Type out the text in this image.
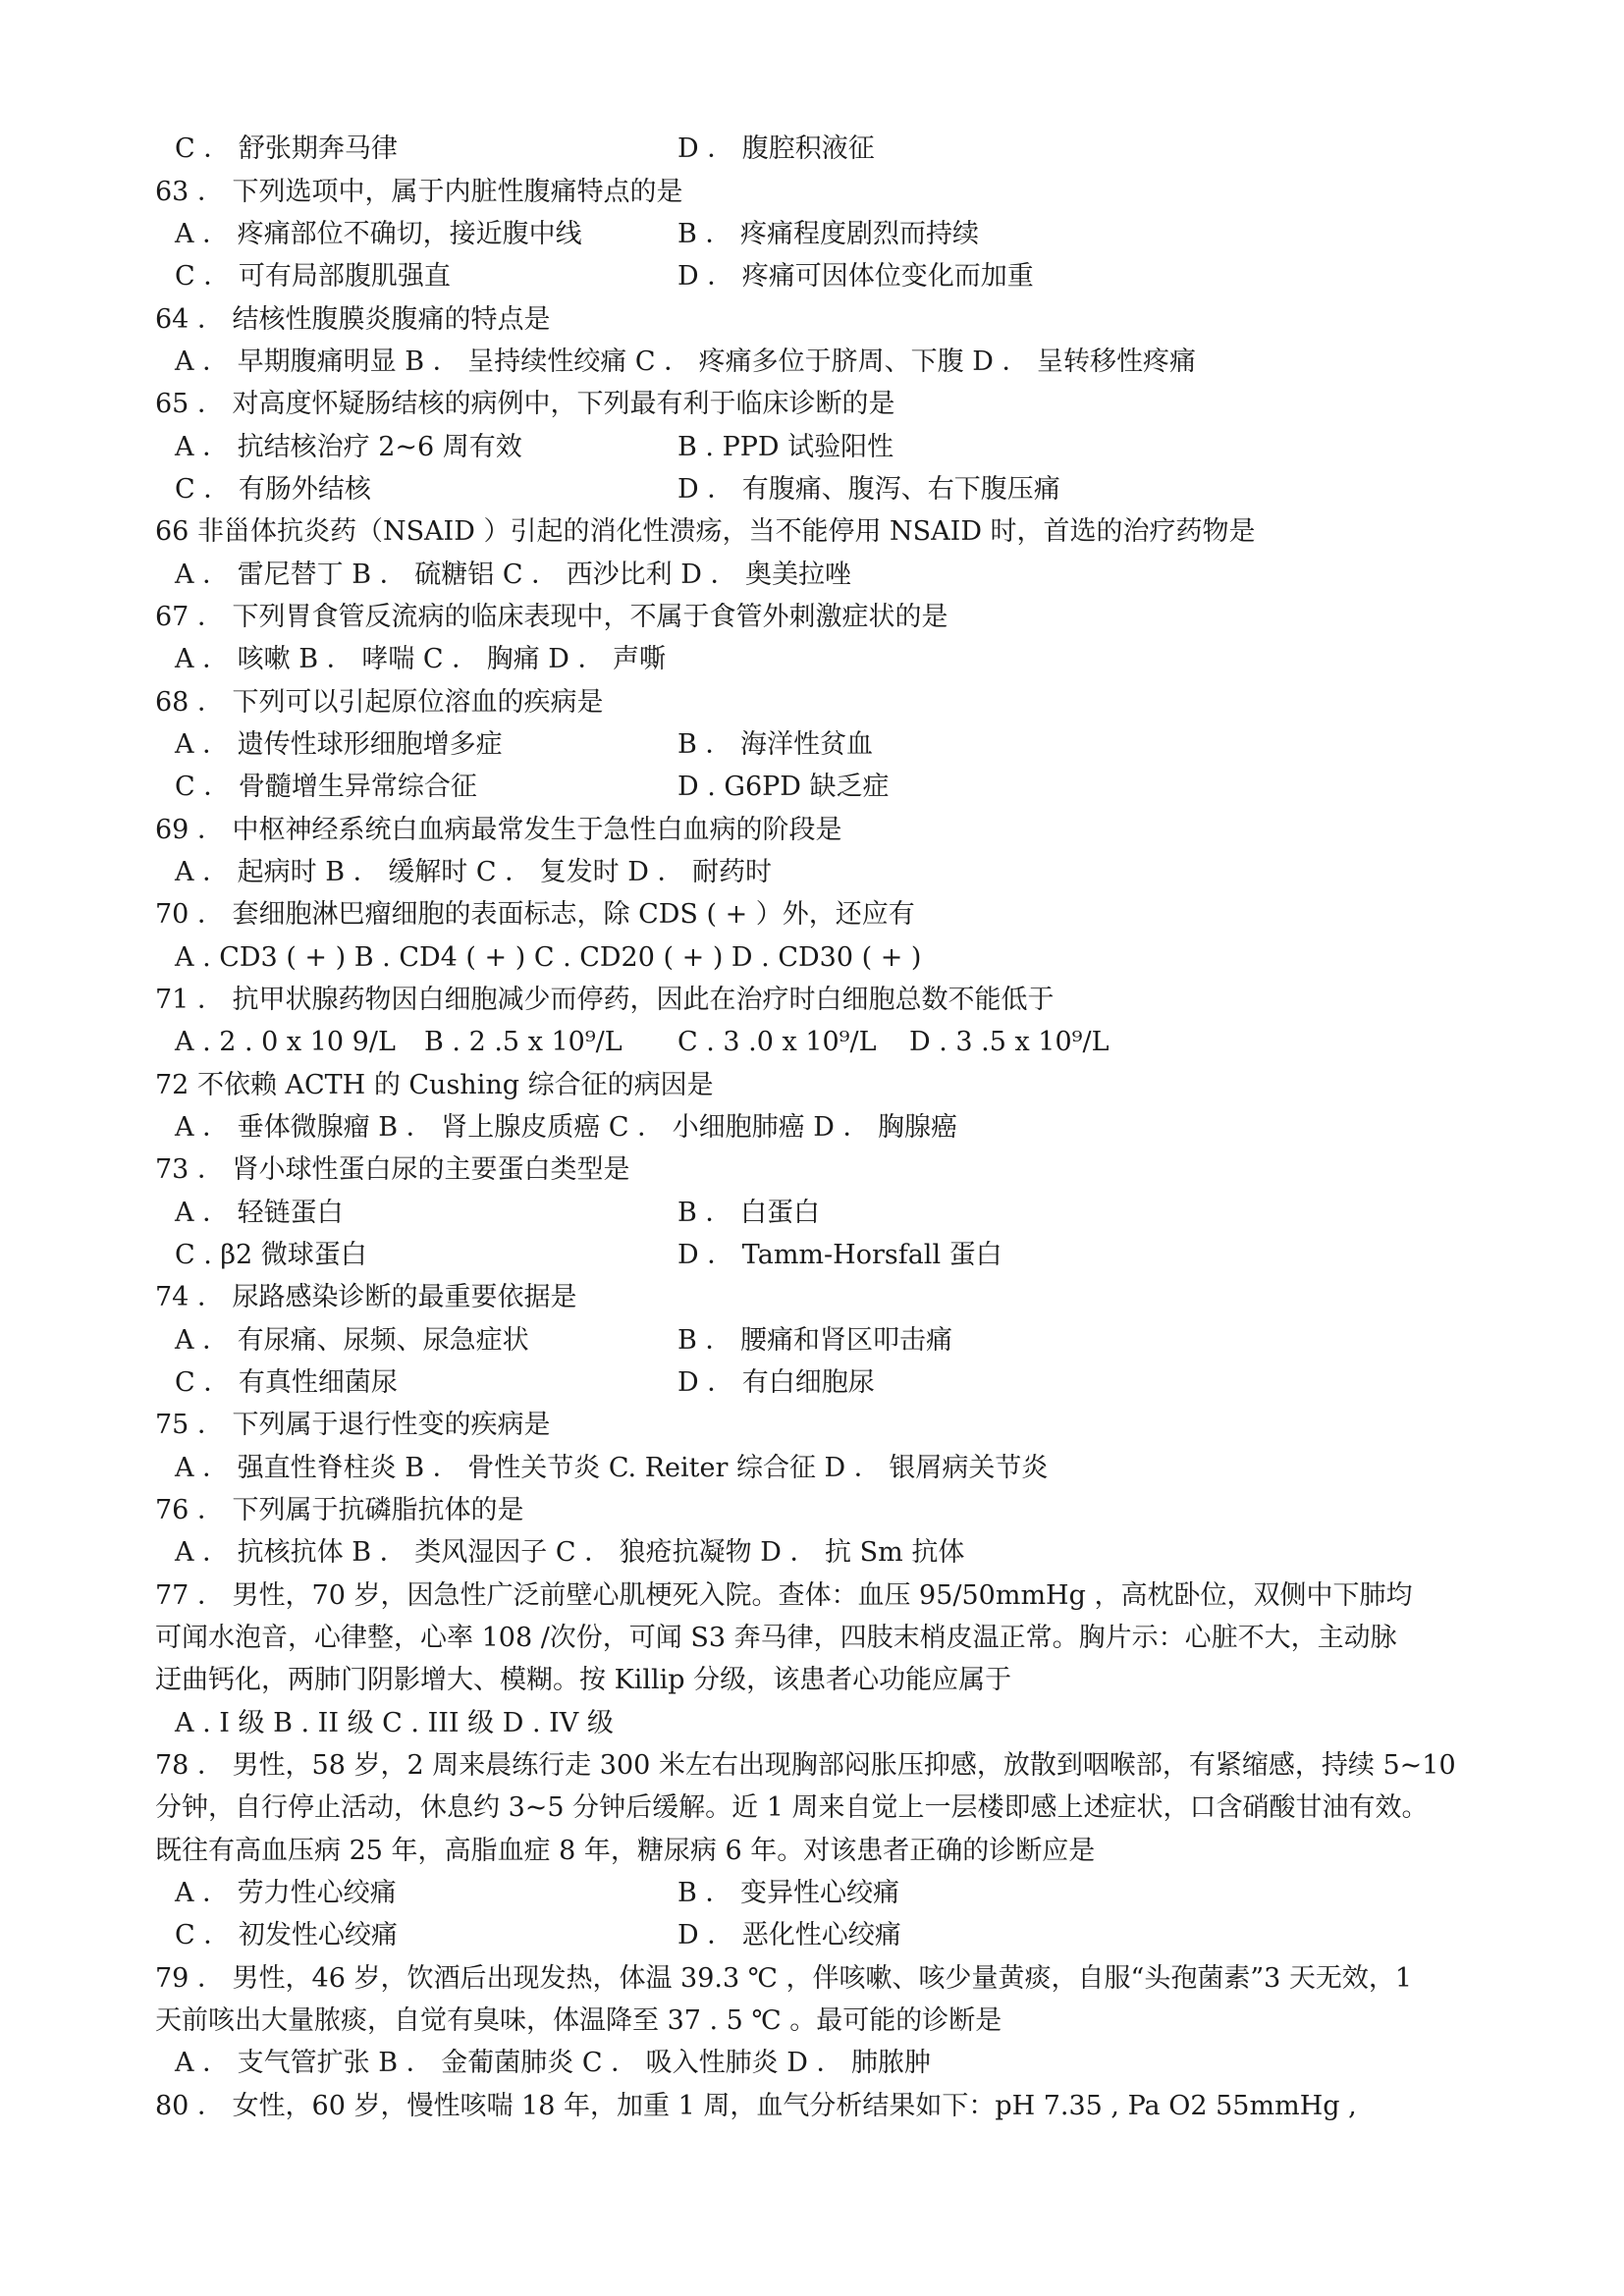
C ． 舒张期奔马律	D ． 腹腔积液征
63 ． 下列选项中，属于内脏性腹痛特点的是
A ． 疼痛部位不确切，接近腹中线	B ． 疼痛程度剧烈而持续
C ． 可有局部腹肌强直	D ． 疼痛可因体位变化而加重
64 ． 结核性腹膜炎腹痛的特点是
A ． 早期腹痛明显 B ． 呈持续性绞痛 C ． 疼痛多位于脐周、下腹 D ． 呈转移性疼痛
65 ． 对高度怀疑肠结核的病例中，下列最有利于临床诊断的是
A ． 抗结核治疗 2~6 周有效	B . PPD 试验阳性
C ． 有肠外结核	D ． 有腹痛、腹泻、右下腹压痛
66 非甾体抗炎药（NSAID ）引起的消化性溃疡，当不能停用 NSAID 时，首选的治疗药物是
A ． 雷尼替丁 B ． 硫糖铝 C ． 西沙比利 D ． 奥美拉唑
67 ． 下列胃食管反流病的临床表现中，不属于食管外刺激症状的是
A ． 咳嗽 B ． 哮喘 C ． 胸痛 D ． 声嘶
68 ． 下列可以引起原位溶血的疾病是
A ． 遗传性球形细胞增多症	B ． 海洋性贫血
C ． 骨髓增生异常综合征	D . G6PD 缺乏症
69 ． 中枢神经系统白血病最常发生于急性白血病的阶段是
A ． 起病时 B ． 缓解时 C ． 复发时 D ． 耐药时
70 ． 套细胞淋巴瘤细胞的表面标志，除 CDS ( + ）外，还应有
A . CD3 ( + ) B . CD4 ( + ) C . CD20 ( + ) D . CD30 ( + )
71 ． 抗甲状腺药物因白细胞减少而停药，因此在治疗时白细胞总数不能低于
A . 2 . 0 x 10 9/L B . 2 .5 x 10⁹/L C . 3 .0 x 10⁹/L D . 3 .5 x 10⁹/L
72 不依赖 ACTH 的 Cushing 综合征的病因是
A ． 垂体微腺瘤 B ． 肾上腺皮质癌 C ． 小细胞肺癌 D ． 胸腺癌
73 ． 肾小球性蛋白尿的主要蛋白类型是
A ． 轻链蛋白	B ． 白蛋白
C . β2 微球蛋白	D ． Tamm-Horsfall 蛋白
74 ． 尿路感染诊断的最重要依据是
A ． 有尿痛、尿频、尿急症状	B ． 腰痛和肾区叩击痛
C ． 有真性细菌尿	D ． 有白细胞尿
75 ． 下列属于退行性变的疾病是
A ． 强直性脊柱炎 B ． 骨性关节炎 C. Reiter 综合征 D ． 银屑病关节炎
76 ． 下列属于抗磷脂抗体的是
A ． 抗核抗体 B ． 类风湿因子 C ． 狼疮抗凝物 D ． 抗 Sm 抗体
77 ． 男性，70 岁，因急性广泛前壁心肌梗死入院。查体：血压 95/50mmHg ，高枕卧位，双侧中下肺均
可闻水泡音，心律整，心率 108 /次份，可闻 S3 奔马律，四肢末梢皮温正常。胸片示：心脏不大，主动脉
迂曲钙化，两肺门阴影增大、模糊。按 Killip 分级，该患者心功能应属于
A . I 级 B . II 级 C . III 级 D . IV 级
78 ． 男性，58 岁，2 周来晨练行走 300 米左右出现胸部闷胀压抑感，放散到咽喉部，有紧缩感，持续 5~10
分钟，自行停止活动，休息约 3~5 分钟后缓解。近 1 周来自觉上一层楼即感上述症状，口含硝酸甘油有效。
既往有高血压病 25 年，高脂血症 8 年，糖尿病 6 年。对该患者正确的诊断应是
A ． 劳力性心绞痛	B ． 变异性心绞痛
C ． 初发性心绞痛	D ． 恶化性心绞痛
79 ． 男性，46 岁，饮酒后出现发热，体温 39.3 ℃ ，伴咳嗽、咳少量黄痰，自服“头孢菌素”3 天无效，1
天前咳出大量脓痰，自觉有臭味，体温降至 37 . 5 ℃ 。最可能的诊断是
A ． 支气管扩张 B ． 金葡菌肺炎 C ． 吸入性肺炎 D ． 肺脓肿
80 ． 女性，60 岁，慢性咳喘 18 年，加重 1 周，血气分析结果如下：pH 7.35 , Pa O2 55mmHg ,
